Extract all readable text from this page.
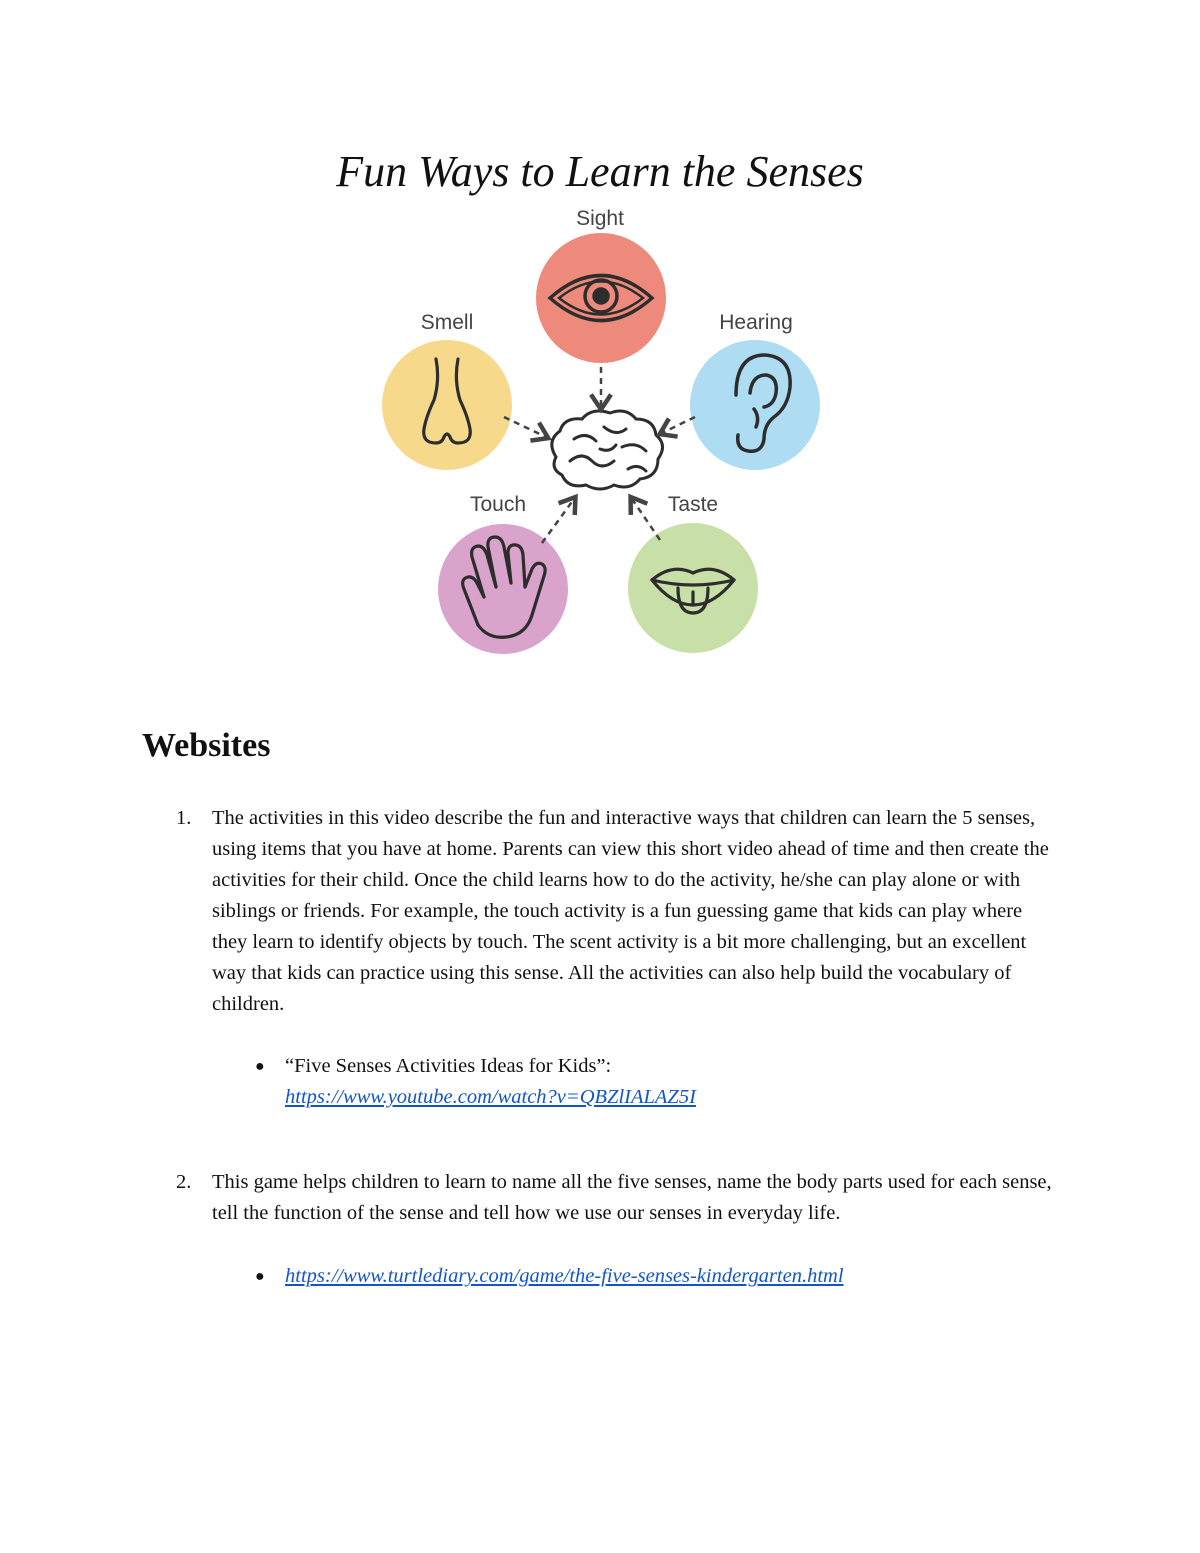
Fun Ways to Learn the Senses
Sight
Hearing
Taste
Touch
Smell
Websites
1.	The activities in this video describe the fun and interactive ways that children can learn the 5 senses, using items that you have at home. Parents can view this short video ahead of time and then create the activities for their child. Once the child learns how to do the activity, he/she can play alone or with siblings or friends. For example, the touch activity is a fun guessing game that kids can play where they learn to identify objects by touch. The scent activity is a bit more challenging, but an excellent way that kids can practice using this sense. All the activities can also help build the vocabulary of children.
● “Five Senses Activities Ideas for Kids”:
https://www.youtube.com/watch?v=QBZlIALAZ5I
2.	This game helps children to learn to name all the five senses, name the body parts used for each sense, tell the function of the sense and tell how we use our senses in everyday life.
● https://www.turtlediary.com/game/the-five-senses-kindergarten.html
